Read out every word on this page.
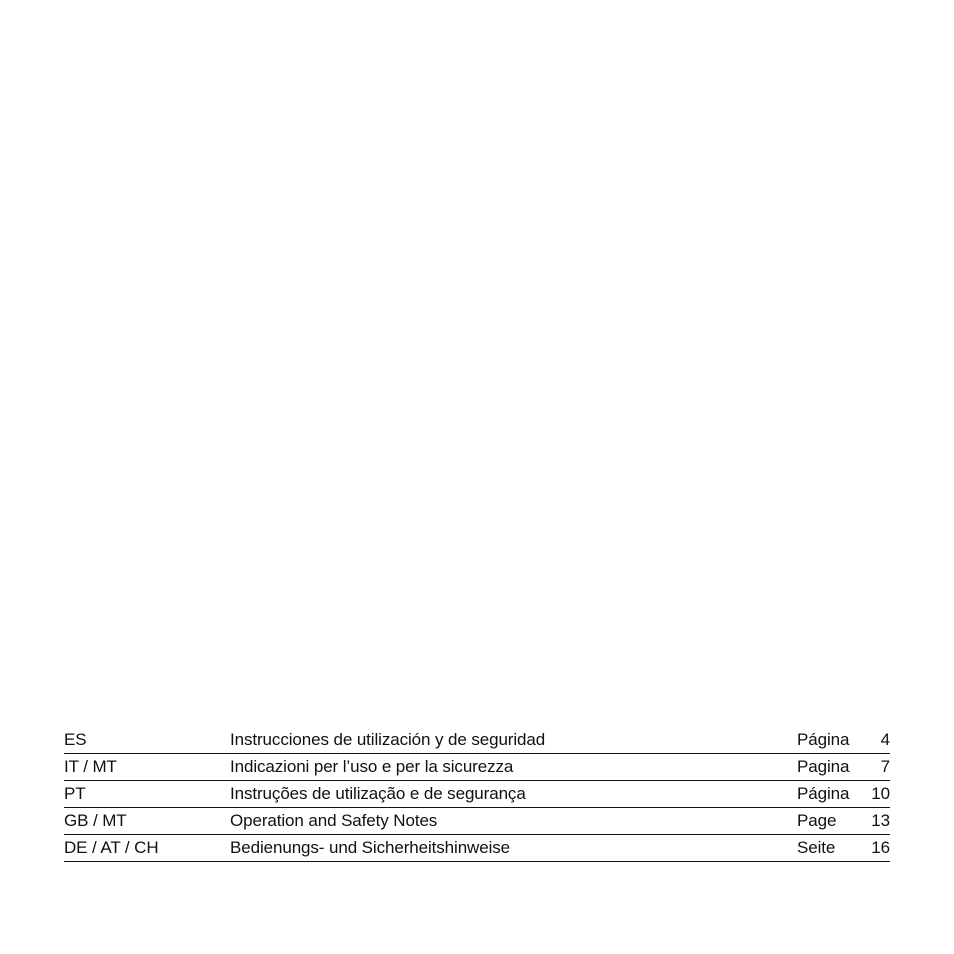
ES	Instrucciones de utilización y de seguridad	Página 4
IT / MT	Indicazioni per l’uso e per la sicurezza	Pagina 7
PT	Instruções de utilização e de segurança	Página 10
GB / MT	Operation and Safety Notes	Page 13
DE / AT / CH	Bedienungs- und Sicherheitshinweise	Seite 16
